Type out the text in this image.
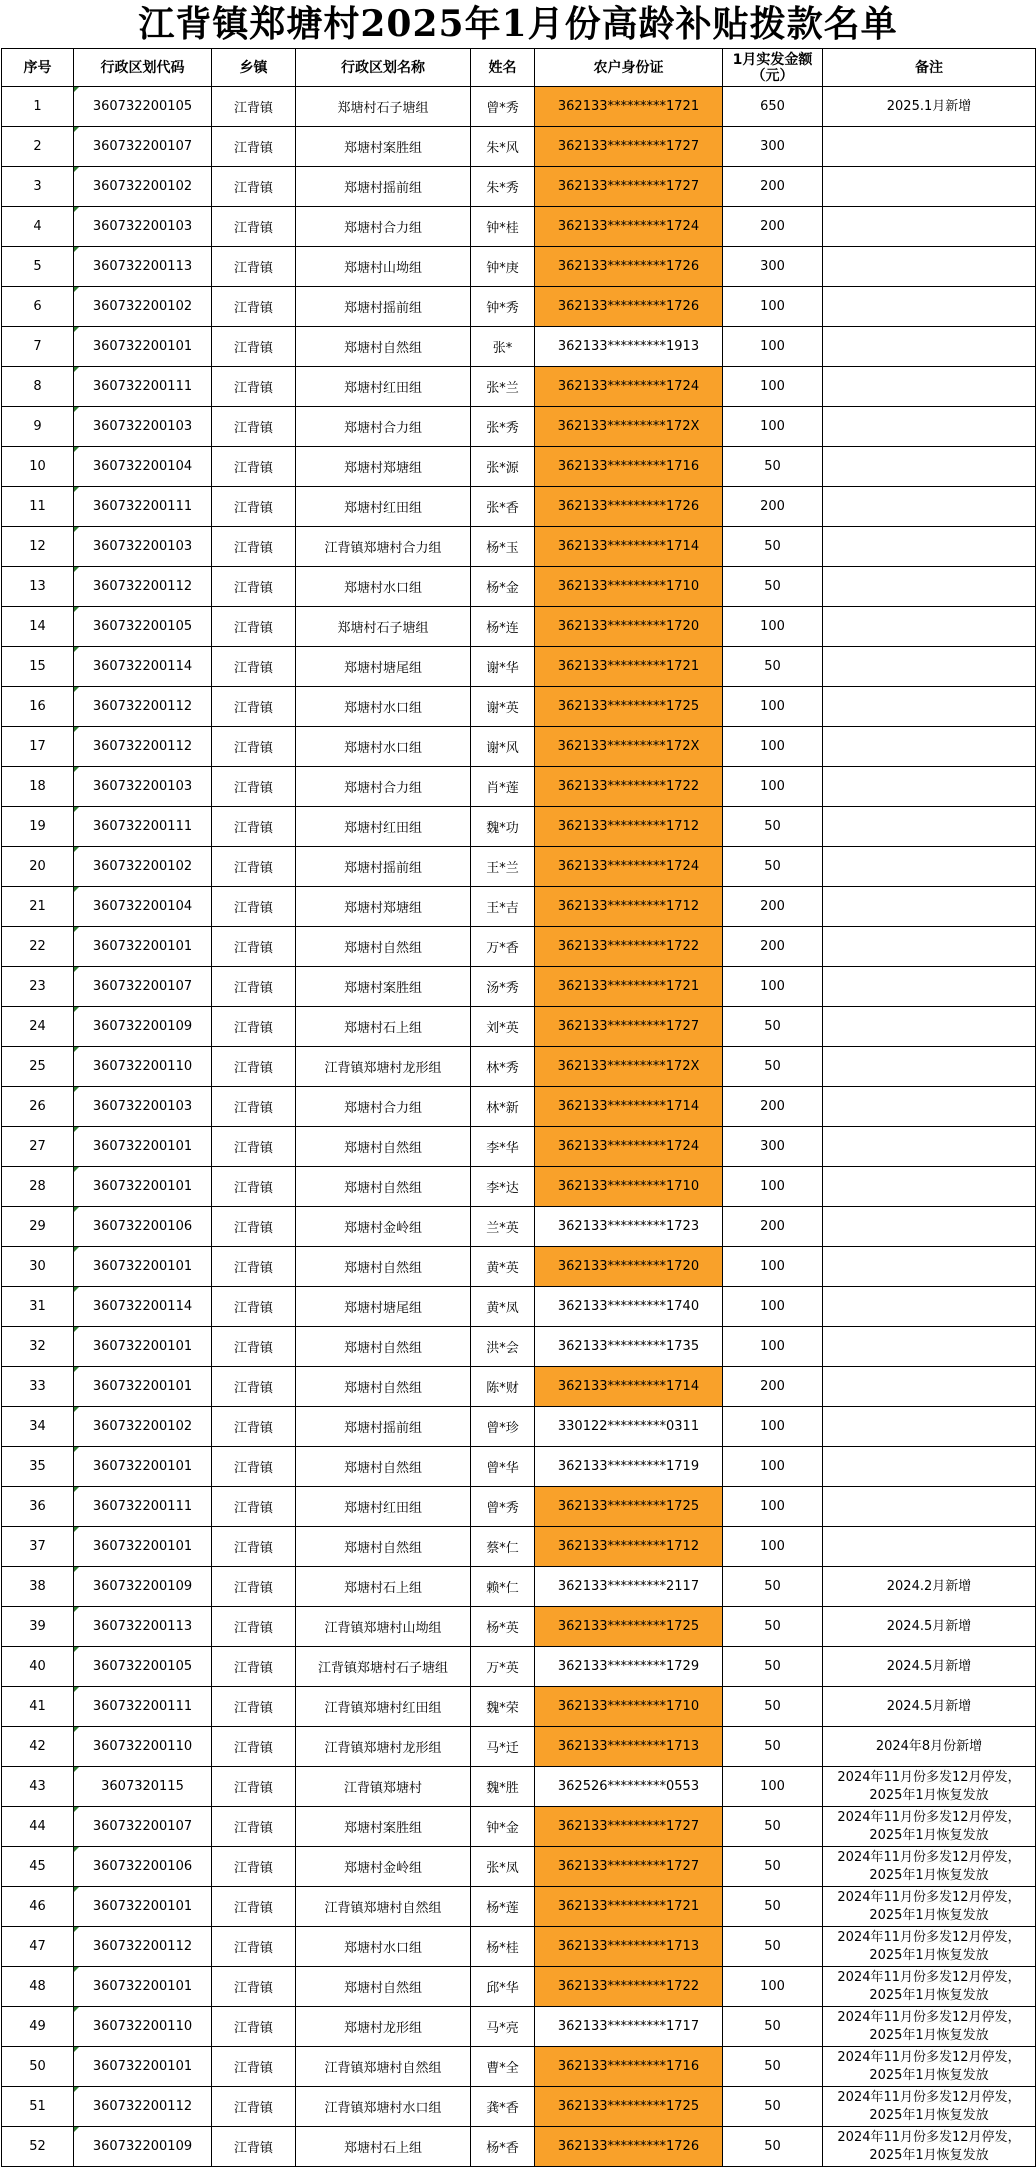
江背镇郑塘村2025年1月份高龄补贴拨款名单
序号	行政区划代码	乡镇	行政区划名称	姓名	农户身份证	1月实发金额（元）	备注
1	360732200105	江背镇	郑塘村石子塘组	曾*秀	362133*********1721	650	2025.1月新增
2	360732200107	江背镇	郑塘村案胜组	朱*风	362133*********1727	300	
3	360732200102	江背镇	郑塘村摇前组	朱*秀	362133*********1727	200	
4	360732200103	江背镇	郑塘村合力组	钟*桂	362133*********1724	200	
5	360732200113	江背镇	郑塘村山坳组	钟*庚	362133*********1726	300	
6	360732200102	江背镇	郑塘村摇前组	钟*秀	362133*********1726	100	
7	360732200101	江背镇	郑塘村自然组	张*	362133*********1913	100	
8	360732200111	江背镇	郑塘村红田组	张*兰	362133*********1724	100	
9	360732200103	江背镇	郑塘村合力组	张*秀	362133*********172X	100	
10	360732200104	江背镇	郑塘村郑塘组	张*源	362133*********1716	50	
11	360732200111	江背镇	郑塘村红田组	张*香	362133*********1726	200	
12	360732200103	江背镇	江背镇郑塘村合力组	杨*玉	362133*********1714	50	
13	360732200112	江背镇	郑塘村水口组	杨*金	362133*********1710	50	
14	360732200105	江背镇	郑塘村石子塘组	杨*连	362133*********1720	100	
15	360732200114	江背镇	郑塘村塘尾组	谢*华	362133*********1721	50	
16	360732200112	江背镇	郑塘村水口组	谢*英	362133*********1725	100	
17	360732200112	江背镇	郑塘村水口组	谢*风	362133*********172X	100	
18	360732200103	江背镇	郑塘村合力组	肖*莲	362133*********1722	100	
19	360732200111	江背镇	郑塘村红田组	魏*功	362133*********1712	50	
20	360732200102	江背镇	郑塘村摇前组	王*兰	362133*********1724	50	
21	360732200104	江背镇	郑塘村郑塘组	王*吉	362133*********1712	200	
22	360732200101	江背镇	郑塘村自然组	万*香	362133*********1722	200	
23	360732200107	江背镇	郑塘村案胜组	汤*秀	362133*********1721	100	
24	360732200109	江背镇	郑塘村石上组	刘*英	362133*********1727	50	
25	360732200110	江背镇	江背镇郑塘村龙形组	林*秀	362133*********172X	50	
26	360732200103	江背镇	郑塘村合力组	林*新	362133*********1714	200	
27	360732200101	江背镇	郑塘村自然组	李*华	362133*********1724	300	
28	360732200101	江背镇	郑塘村自然组	李*达	362133*********1710	100	
29	360732200106	江背镇	郑塘村金岭组	兰*英	362133*********1723	200	
30	360732200101	江背镇	郑塘村自然组	黄*英	362133*********1720	100	
31	360732200114	江背镇	郑塘村塘尾组	黄*凤	362133*********1740	100	
32	360732200101	江背镇	郑塘村自然组	洪*会	362133*********1735	100	
33	360732200101	江背镇	郑塘村自然组	陈*财	362133*********1714	200	
34	360732200102	江背镇	郑塘村摇前组	曾*珍	330122*********0311	100	
35	360732200101	江背镇	郑塘村自然组	曾*华	362133*********1719	100	
36	360732200111	江背镇	郑塘村红田组	曾*秀	362133*********1725	100	
37	360732200101	江背镇	郑塘村自然组	蔡*仁	362133*********1712	100	
38	360732200109	江背镇	郑塘村石上组	赖*仁	362133*********2117	50	2024.2月新增
39	360732200113	江背镇	江背镇郑塘村山坳组	杨*英	362133*********1725	50	2024.5月新增
40	360732200105	江背镇	江背镇郑塘村石子塘组	万*英	362133*********1729	50	2024.5月新增
41	360732200111	江背镇	江背镇郑塘村红田组	魏*荣	362133*********1710	50	2024.5月新增
42	360732200110	江背镇	江背镇郑塘村龙形组	马*迁	362133*********1713	50	2024年8月份新增
43	3607320115	江背镇	江背镇郑塘村	魏*胜	362526*********0553	100	2024年11月份多发12月停发，2025年1月恢复发放
44	360732200107	江背镇	郑塘村案胜组	钟*金	362133*********1727	50	2024年11月份多发12月停发，2025年1月恢复发放
45	360732200106	江背镇	郑塘村金岭组	张*凤	362133*********1727	50	2024年11月份多发12月停发，2025年1月恢复发放
46	360732200101	江背镇	江背镇郑塘村自然组	杨*莲	362133*********1721	50	2024年11月份多发12月停发，2025年1月恢复发放
47	360732200112	江背镇	郑塘村水口组	杨*桂	362133*********1713	50	2024年11月份多发12月停发，2025年1月恢复发放
48	360732200101	江背镇	郑塘村自然组	邱*华	362133*********1722	100	2024年11月份多发12月停发，2025年1月恢复发放
49	360732200110	江背镇	郑塘村龙形组	马*亮	362133*********1717	50	2024年11月份多发12月停发，2025年1月恢复发放
50	360732200101	江背镇	江背镇郑塘村自然组	曹*全	362133*********1716	50	2024年11月份多发12月停发，2025年1月恢复发放
51	360732200112	江背镇	江背镇郑塘村水口组	龚*香	362133*********1725	50	2024年11月份多发12月停发，2025年1月恢复发放
52	360732200109	江背镇	郑塘村石上组	杨*香	362133*********1726	50	2024年11月份多发12月停发，2025年1月恢复发放
